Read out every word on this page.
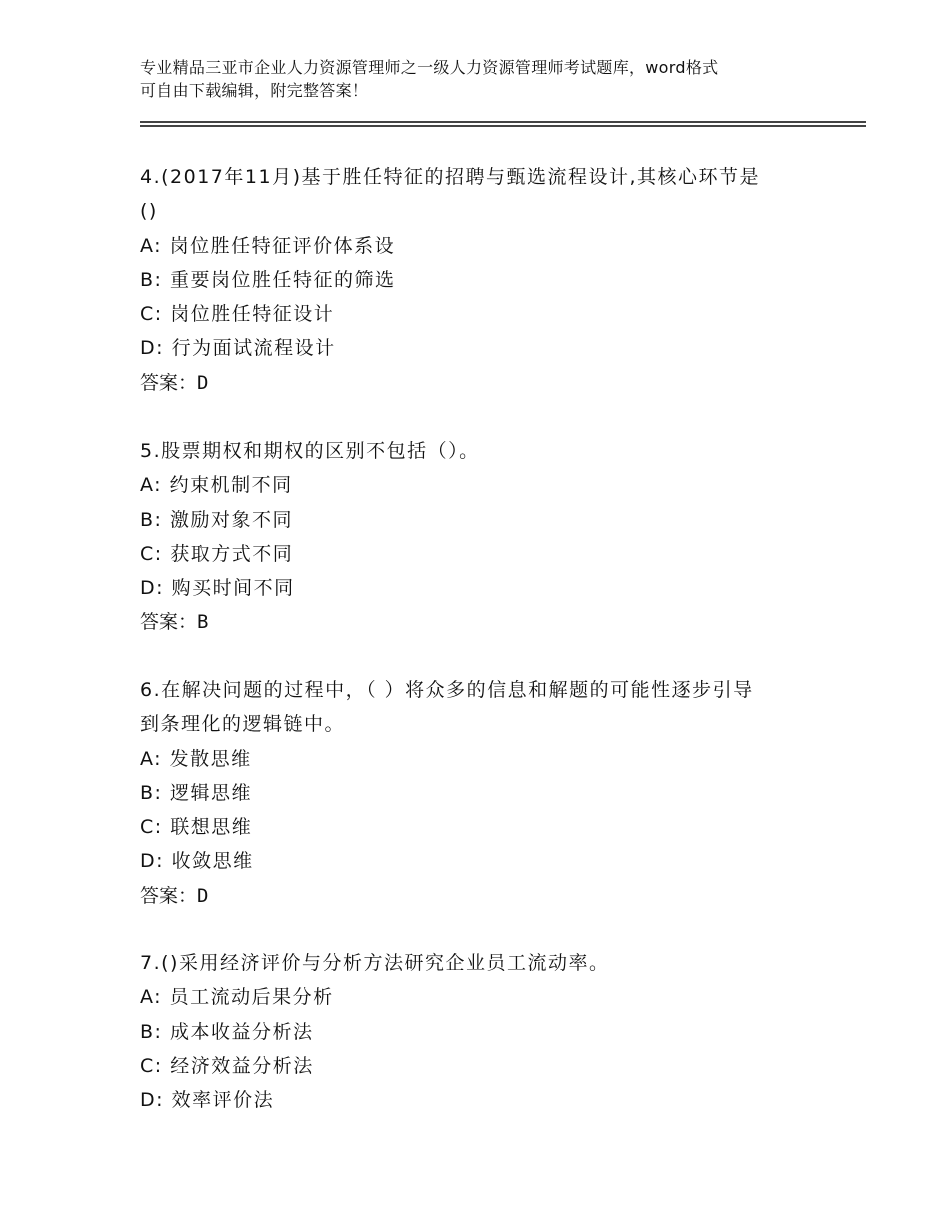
专业精品三亚市企业人力资源管理师之一级人力资源管理师考试题库，word格式
可自由下载编辑，附完整答案！
4.(2017年11月)基于胜任特征的招聘与甄选流程设计,其核心环节是
()
A: 岗位胜任特征评价体系设
B: 重要岗位胜任特征的筛选
C: 岗位胜任特征设计
D: 行为面试流程设计
答案：D
5.股票期权和期权的区别不包括（）。
A: 约束机制不同
B: 激励对象不同
C: 获取方式不同
D: 购买时间不同
答案：B
6.在解决问题的过程中，（ ）将众多的信息和解题的可能性逐步引导
到条理化的逻辑链中。
A: 发散思维
B: 逻辑思维
C: 联想思维
D: 收敛思维
答案：D
7.()采用经济评价与分析方法研究企业员工流动率。
A: 员工流动后果分析
B: 成本收益分析法
C: 经济效益分析法
D: 效率评价法
